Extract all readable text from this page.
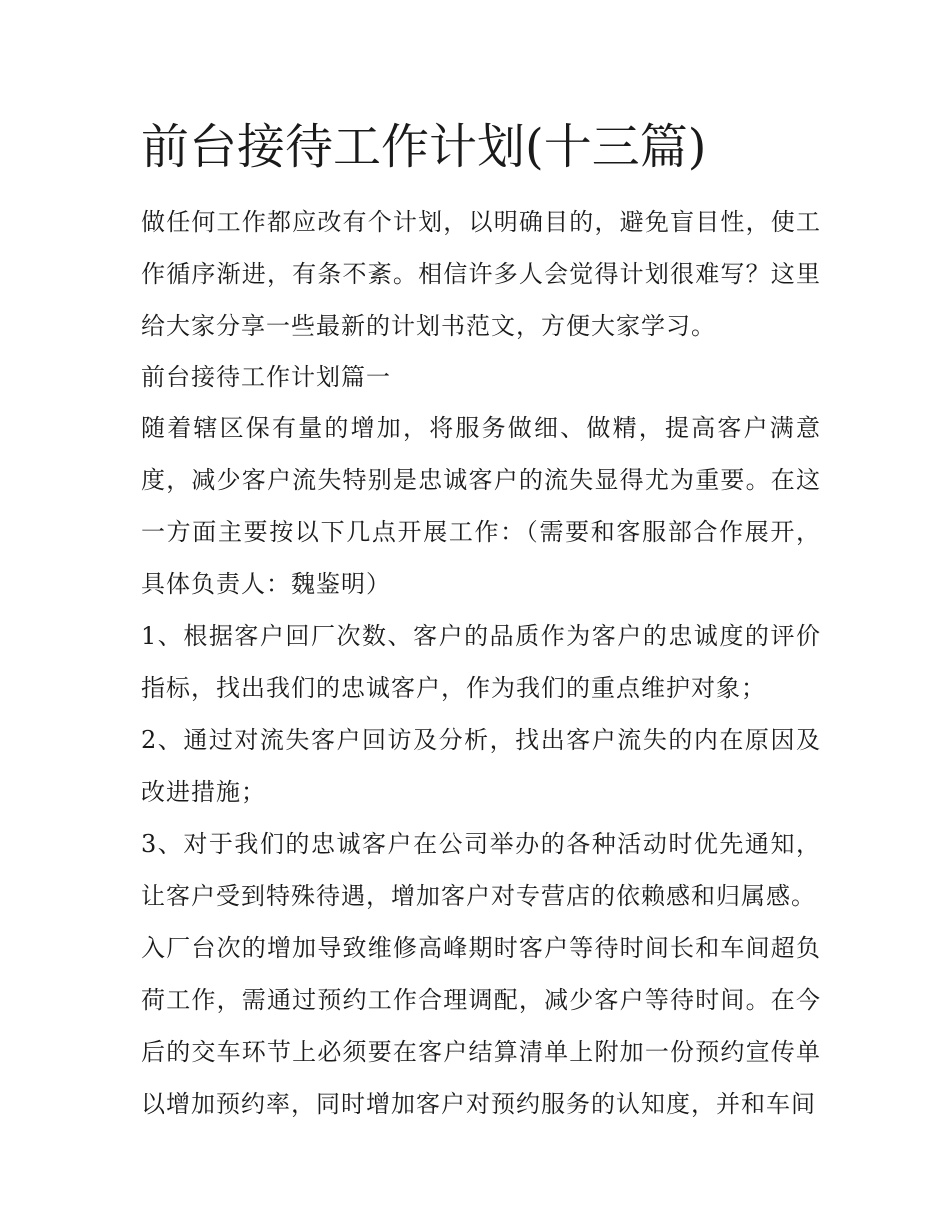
前台接待工作计划(十三篇)

做任何工作都应改有个计划，以明确目的，避免盲目性，使工作循序渐进，有条不紊。相信许多人会觉得计划很难写？这里给大家分享一些最新的计划书范文，方便大家学习。

前台接待工作计划篇一

随着辖区保有量的增加，将服务做细、做精，提高客户满意度，减少客户流失特别是忠诚客户的流失显得尤为重要。在这一方面主要按以下几点开展工作：（需要和客服部合作展开，具体负责人：魏鉴明）

1、根据客户回厂次数、客户的品质作为客户的忠诚度的评价指标，找出我们的忠诚客户，作为我们的重点维护对象；

2、通过对流失客户回访及分析，找出客户流失的内在原因及改进措施；

3、对于我们的忠诚客户在公司举办的各种活动时优先通知，让客户受到特殊待遇，增加客户对专营店的依赖感和归属感。

入厂台次的增加导致维修高峰期时客户等待时间长和车间超负荷工作，需通过预约工作合理调配，减少客户等待时间。在今后的交车环节上必须要在客户结算清单上附加一份预约宣传单以增加预约率，同时增加客户对预约服务的认知度，并和车间
